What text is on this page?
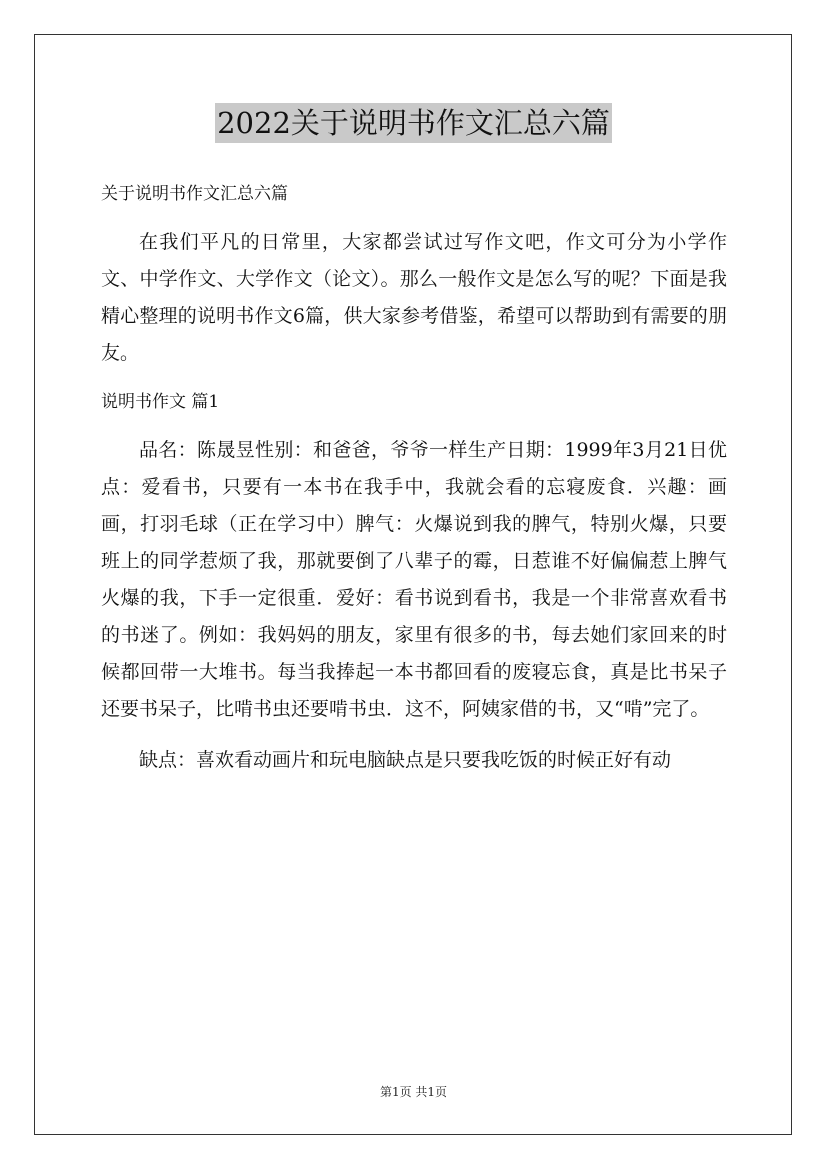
2022关于说明书作文汇总六篇

关于说明书作文汇总六篇

在我们平凡的日常里，大家都尝试过写作文吧，作文可分为小学作文、中学作文、大学作文（论文）。那么一般作文是怎么写的呢？下面是我精心整理的说明书作文6篇，供大家参考借鉴，希望可以帮助到有需要的朋友。

说明书作文 篇1

品名：陈晟昱性别：和爸爸，爷爷一样生产日期：1999年3月21日优点：爱看书，只要有一本书在我手中，我就会看的忘寝废食．兴趣：画画，打羽毛球（正在学习中）脾气：火爆说到我的脾气，特别火爆，只要班上的同学惹烦了我，那就要倒了八辈子的霉，日惹谁不好偏偏惹上脾气火爆的我，下手一定很重．爱好：看书说到看书，我是一个非常喜欢看书的书迷了。例如：我妈妈的朋友，家里有很多的书，每去她们家回来的时候都回带一大堆书。每当我捧起一本书都回看的废寝忘食，真是比书呆子还要书呆子，比啃书虫还要啃书虫．这不，阿姨家借的书，又“啃”完了。

缺点：喜欢看动画片和玩电脑缺点是只要我吃饭的时候正好有动

第1页 共1页
